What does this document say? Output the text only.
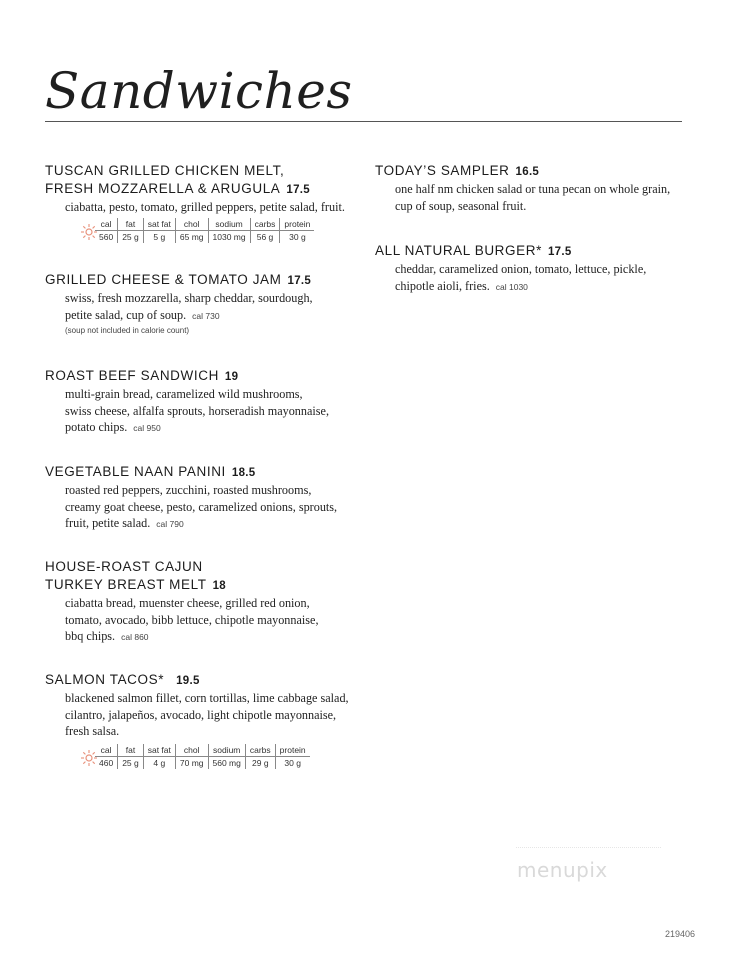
Sandwiches
TUSCAN GRILLED CHICKEN MELT,
FRESH MOZZARELLA & ARUGULA 17.5
ciabatta, pesto, tomato, grilled peppers, petite salad, fruit.
cal	fat	sat fat	chol	sodium	carbs	protein
560	25 g	5 g	65 mg	1030 mg	56 g	30 g
GRILLED CHEESE & TOMATO JAM 17.5
swiss, fresh mozzarella, sharp cheddar, sourdough,
petite salad, cup of soup. cal 730
(soup not included in calorie count)
ROAST BEEF SANDWICH 19
multi-grain bread, caramelized wild mushrooms,
swiss cheese, alfalfa sprouts, horseradish mayonnaise,
potato chips. cal 950
VEGETABLE NAAN PANINI 18.5
roasted red peppers, zucchini, roasted mushrooms,
creamy goat cheese, pesto, caramelized onions, sprouts,
fruit, petite salad. cal 790
HOUSE-ROAST CAJUN
TURKEY BREAST MELT 18
ciabatta bread, muenster cheese, grilled red onion,
tomato, avocado, bibb lettuce, chipotle mayonnaise,
bbq chips. cal 860
SALMON TACOS* 19.5
blackened salmon fillet, corn tortillas, lime cabbage salad,
cilantro, jalapeños, avocado, light chipotle mayonnaise,
fresh salsa.
cal	fat	sat fat	chol	sodium	carbs	protein
460	25 g	4 g	70 mg	560 mg	29 g	30 g
TODAY’S SAMPLER 16.5
one half nm chicken salad or tuna pecan on whole grain,
cup of soup, seasonal fruit.
ALL NATURAL BURGER* 17.5
cheddar, caramelized onion, tomato, lettuce, pickle,
chipotle aioli, fries. cal 1030
menupix
219406
